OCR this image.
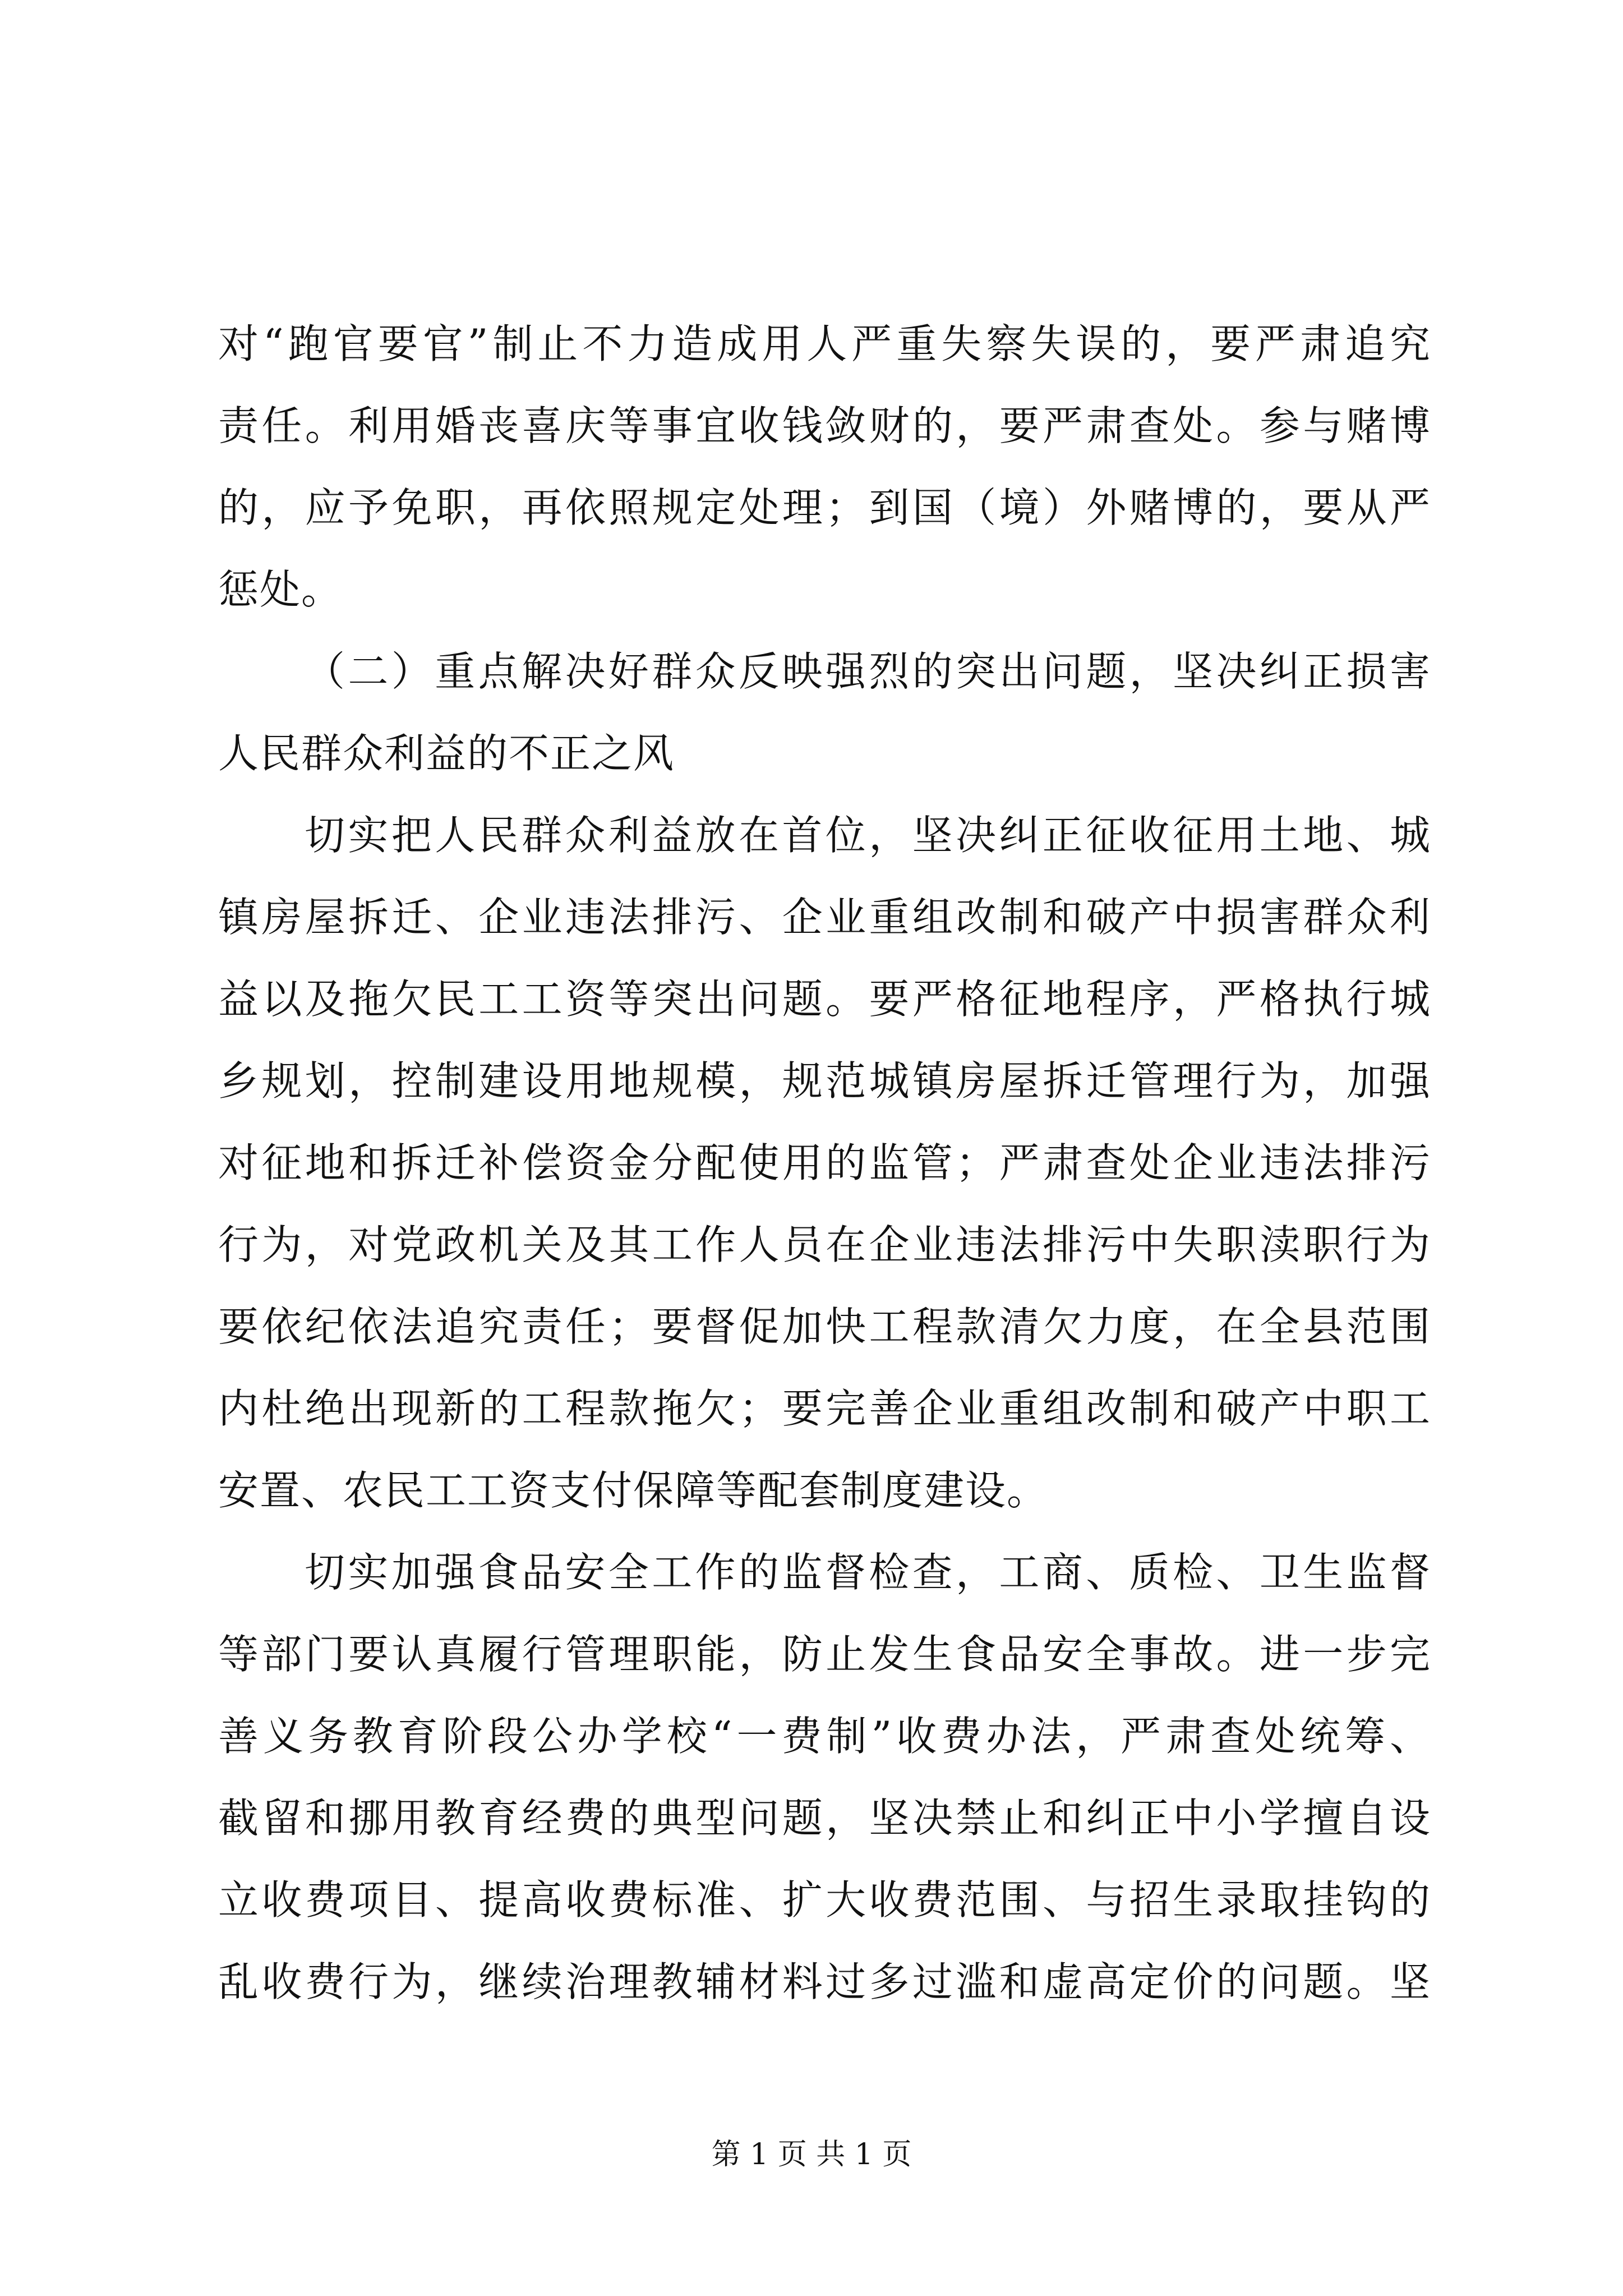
对“跑官要官”制止不力造成用人严重失察失误的，要严肃追究
责任。利用婚丧喜庆等事宜收钱敛财的，要严肃查处。参与赌博
的，应予免职，再依照规定处理；到国（境）外赌博的，要从严
惩处。
（二）重点解决好群众反映强烈的突出问题，坚决纠正损害
人民群众利益的不正之风
切实把人民群众利益放在首位，坚决纠正征收征用土地、城
镇房屋拆迁、企业违法排污、企业重组改制和破产中损害群众利
益以及拖欠民工工资等突出问题。要严格征地程序，严格执行城
乡规划，控制建设用地规模，规范城镇房屋拆迁管理行为，加强
对征地和拆迁补偿资金分配使用的监管；严肃查处企业违法排污
行为，对党政机关及其工作人员在企业违法排污中失职渎职行为
要依纪依法追究责任；要督促加快工程款清欠力度，在全县范围
内杜绝出现新的工程款拖欠；要完善企业重组改制和破产中职工
安置、农民工工资支付保障等配套制度建设。
切实加强食品安全工作的监督检查，工商、质检、卫生监督
等部门要认真履行管理职能，防止发生食品安全事故。进一步完
善义务教育阶段公办学校“一费制”收费办法，严肃查处统筹、
截留和挪用教育经费的典型问题，坚决禁止和纠正中小学擅自设
立收费项目、提高收费标准、扩大收费范围、与招生录取挂钩的
乱收费行为，继续治理教辅材料过多过滥和虚高定价的问题。坚
第 1 页 共 1 页
